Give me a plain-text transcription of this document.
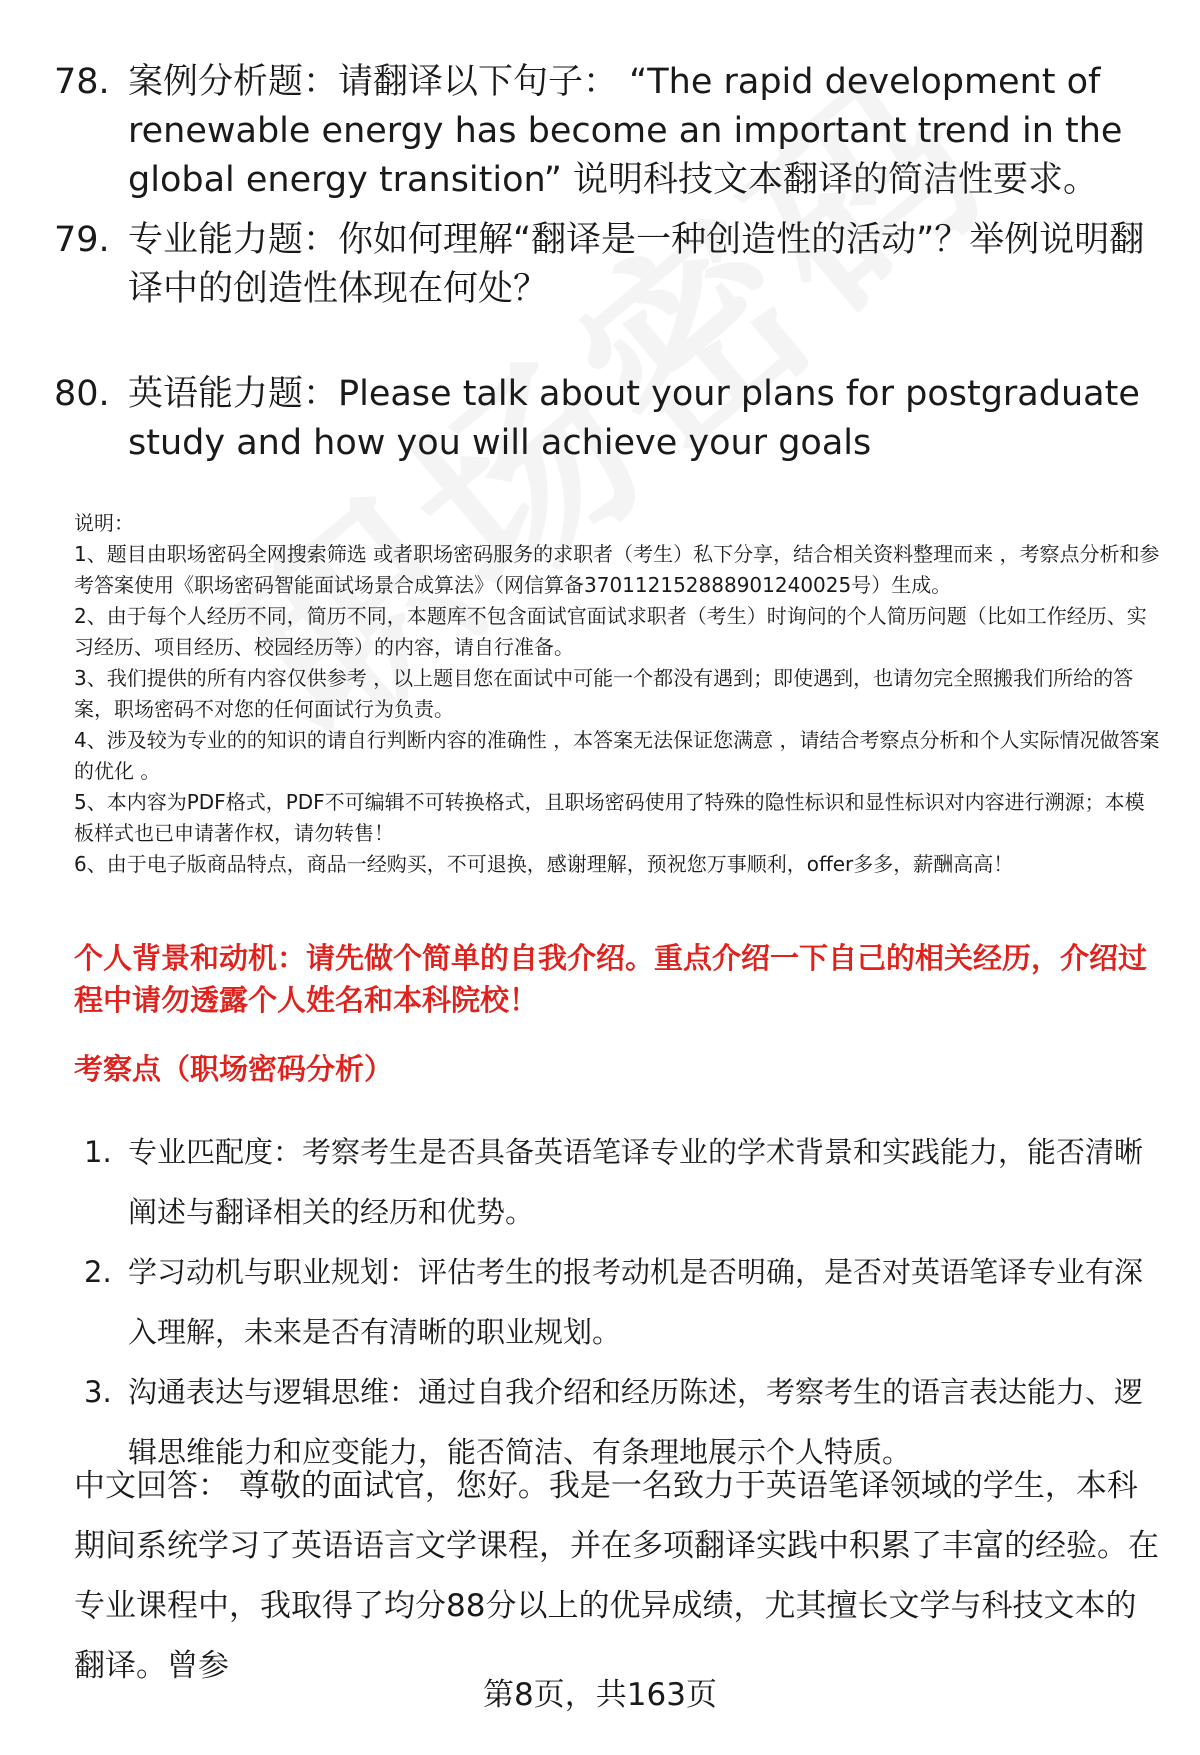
78. 案例分析题：请翻译以下句子： “The rapid development of renewable energy has become an important trend in the global energy transition” 说明科技文本翻译的简洁性要求。
79. 专业能力题：你如何理解“翻译是一种创造性的活动”？举例说明翻译中的创造性体现在何处？
80. 英语能力题：Please talk about your plans for postgraduate study and how you will achieve your goals

说明：

1、题目由职场密码全网搜索筛选 或者职场密码服务的求职者（考生）私下分享，结合相关资料整理而来 ，考察点分析和参考答案使用《职场密码智能面试场景合成算法》（网信算备370112152888901240025号）生成。

2、由于每个人经历不同，简历不同，本题库不包含面试官面试求职者（考生）时询问的个人简历问题（比如工作经历、实习经历、项目经历、校园经历等）的内容，请自行准备。

3、我们提供的所有内容仅供参考 ，以上题目您在面试中可能一个都没有遇到；即使遇到，也请勿完全照搬我们所给的答案，职场密码不对您的任何面试行为负责。

4、涉及较为专业的的知识的请自行判断内容的准确性 ，本答案无法保证您满意 ，请结合考察点分析和个人实际情况做答案的优化 。

5、本内容为PDF格式，PDF不可编辑不可转换格式，且职场密码使用了特殊的隐性标识和显性标识对内容进行溯源；本模板样式也已申请著作权，请勿转售！

6、由于电子版商品特点，商品一经购买，不可退换，感谢理解，预祝您万事顺利，offer多多，薪酬高高！

个人背景和动机：请先做个简单的自我介绍。重点介绍一下自己的相关经历，介绍过程中请勿透露个人姓名和本科院校！
考察点（职场密码分析）
1. 专业匹配度：考察考生是否具备英语笔译专业的学术背景和实践能力，能否清晰阐述与翻译相关的经历和优势。
2. 学习动机与职业规划：评估考生的报考动机是否明确，是否对英语笔译专业有深入理解，未来是否有清晰的职业规划。
3. 沟通表达与逻辑思维：通过自我介绍和经历陈述，考察考生的语言表达能力、逻辑思维能力和应变能力，能否简洁、有条理地展示个人特质。
中文回答： 尊敬的面试官，您好。我是一名致力于英语笔译领域的学生，本科期间系统学习了英语语言文学课程，并在多项翻译实践中积累了丰富的经验。在专业课程中，我取得了均分88分以上的优异成绩，尤其擅长文学与科技文本的翻译。曾参
第8页，共163页
